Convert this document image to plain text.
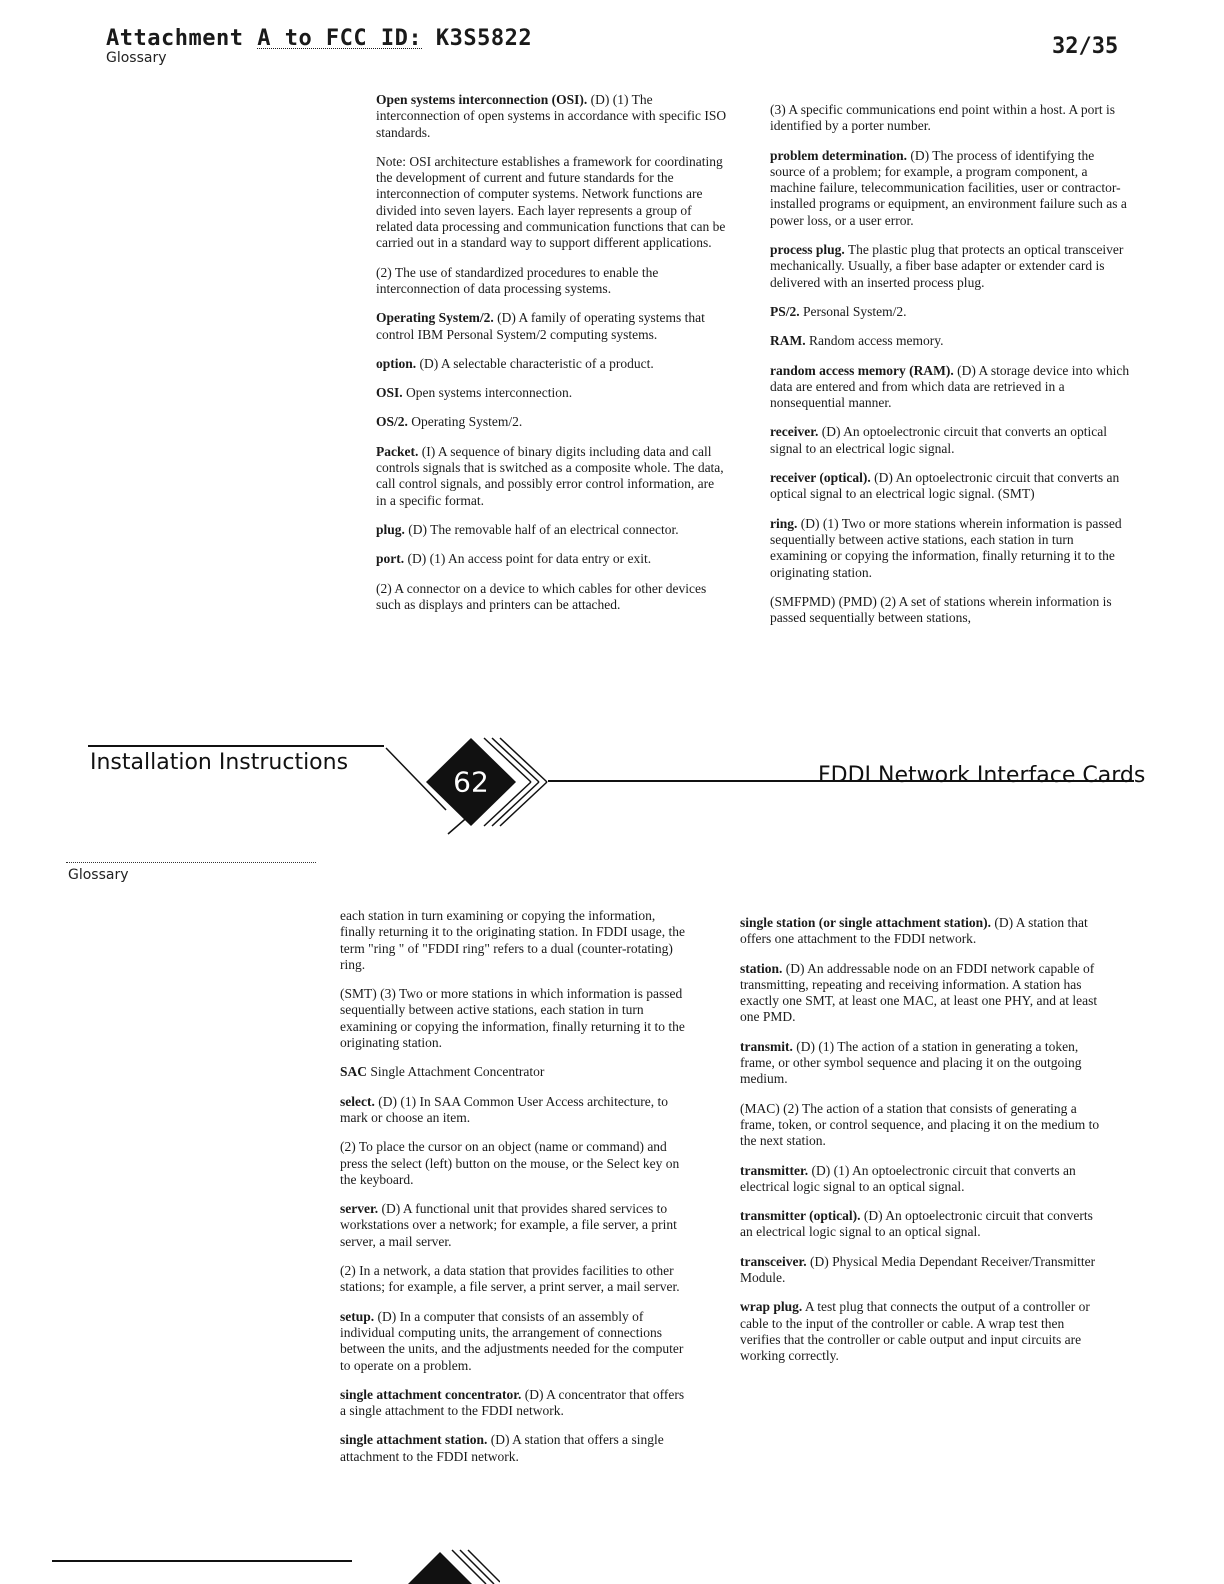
Attachment A to FCC ID: K3S5822	32/35
Glossary

Open systems interconnection (OSI). (D) (1) The interconnection of open systems in accordance with specific ISO standards.

Note: OSI architecture establishes a framework for coordinating the development of current and future standards for the interconnection of computer systems. Network functions are divided into seven layers. Each layer represents a group of related data processing and communication functions that can be carried out in a standard way to support different applications.

(2) The use of standardized procedures to enable the interconnection of data processing systems.

Operating System/2. (D) A family of operating systems that control IBM Personal System/2 computing systems.

option. (D) A selectable characteristic of a product.

OSI. Open systems interconnection.

OS/2. Operating System/2.

Packet. (I) A sequence of binary digits including data and call controls signals that is switched as a composite whole. The data, call control signals, and possibly error control information, are in a specific format.

plug. (D) The removable half of an electrical connector.

port. (D) (1) An access point for data entry or exit.

(2) A connector on a device to which cables for other devices such as displays and printers can be attached.

(3) A specific communications end point within a host. A port is identified by a porter number.

problem determination. (D) The process of identifying the source of a problem; for example, a program component, a machine failure, telecommunication facilities, user or contractor-installed programs or equipment, an environment failure such as a power loss, or a user error.

process plug. The plastic plug that protects an optical transceiver mechanically. Usually, a fiber base adapter or extender card is delivered with an inserted process plug.

PS/2. Personal System/2.

RAM. Random access memory.

random access memory (RAM). (D) A storage device into which data are entered and from which data are retrieved in a nonsequential manner.

receiver. (D) An optoelectronic circuit that converts an optical signal to an electrical logic signal.

receiver (optical). (D) An optoelectronic circuit that converts an optical signal to an electrical logic signal. (SMT)

ring. (D) (1) Two or more stations wherein information is passed sequentially between active stations, each station in turn examining or copying the information, finally returning it to the originating station.

(SMFPMD) (PMD) (2) A set of stations wherein information is passed sequentially between stations,

Installation Instructions
FDDI Network Interface Cards
62
Glossary

each station in turn examining or copying the information, finally returning it to the originating station. In FDDI usage, the term "ring " of "FDDI ring" refers to a dual (counter-rotating) ring.

(SMT) (3) Two or more stations in which information is passed sequentially between active stations, each station in turn examining or copying the information, finally returning it to the originating station.

SAC Single Attachment Concentrator

select. (D) (1) In SAA Common User Access architecture, to mark or choose an item.

(2) To place the cursor on an object (name or command) and press the select (left) button on the mouse, or the Select key on the keyboard.

server. (D) A functional unit that provides shared services to workstations over a network; for example, a file server, a print server, a mail server.

(2) In a network, a data station that provides facilities to other stations; for example, a file server, a print server, a mail server.

setup. (D) In a computer that consists of an assembly of individual computing units, the arrangement of connections between the units, and the adjustments needed for the computer to operate on a problem.

single attachment concentrator. (D) A concentrator that offers a single attachment to the FDDI network.

single attachment station. (D) A station that offers a single attachment to the FDDI network.

single station (or single attachment station). (D) A station that offers one attachment to the FDDI network.

station. (D) An addressable node on an FDDI network capable of transmitting, repeating and receiving information. A station has exactly one SMT, at least one MAC, at least one PHY, and at least one PMD.

transmit. (D) (1) The action of a station in generating a token, frame, or other symbol sequence and placing it on the outgoing medium.

(MAC) (2) The action of a station that consists of generating a frame, token, or control sequence, and placing it on the medium to the next station.

transmitter. (D) (1) An optoelectronic circuit that converts an electrical logic signal to an optical signal.

transmitter (optical). (D) An optoelectronic circuit that converts an electrical logic signal to an optical signal.

transceiver. (D) Physical Media Dependant Receiver/Transmitter Module.

wrap plug. A test plug that connects the output of a controller or cable to the input of the controller or cable. A wrap test then verifies that the controller or cable output and input circuits are working correctly.
